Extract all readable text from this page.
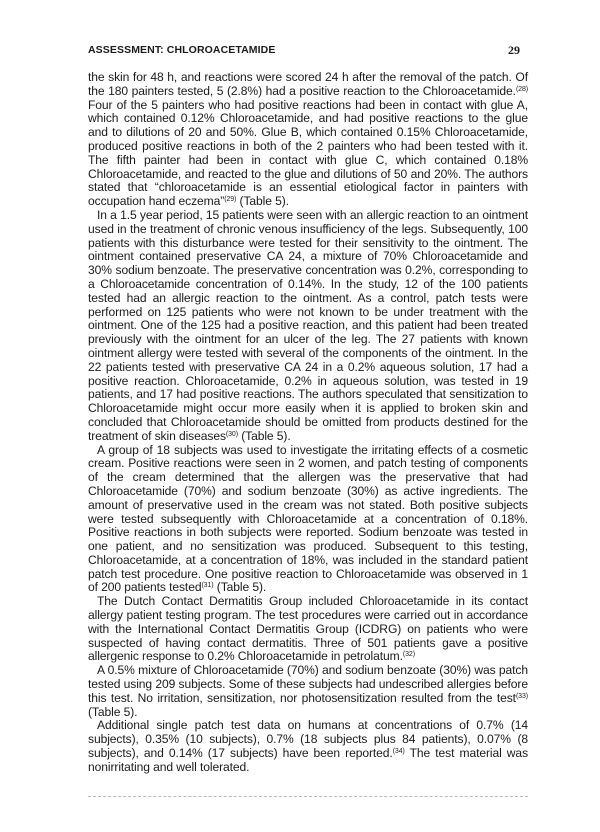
ASSESSMENT: CHLOROACETAMIDE	29

the skin for 48 h, and reactions were scored 24 h after the removal of the patch. Of the 180 painters tested, 5 (2.8%) had a positive reaction to the Chloroacetamide.$^{(28)}$ Four of the 5 painters who had positive reactions had been in contact with glue A, which contained 0.12% Chloroacetamide, and had positive reactions to the glue and to dilutions of 20 and 50%. Glue B, which contained 0.15% Chloroacetamide, produced positive reactions in both of the 2 painters who had been tested with it. The fifth painter had been in contact with glue C, which contained 0.18% Chloroacetamide, and reacted to the glue and dilutions of 50 and 20%. The authors stated that “chloroacetamide is an essential etiological factor in painters with occupation hand eczema”$^{(29)}$ (Table 5).

In a 1.5 year period, 15 patients were seen with an allergic reaction to an ointment used in the treatment of chronic venous insufficiency of the legs. Subsequently, 100 patients with this disturbance were tested for their sensitivity to the ointment. The ointment contained preservative CA 24, a mixture of 70% Chloroacetamide and 30% sodium benzoate. The preservative concentration was 0.2%, corresponding to a Chloroacetamide concentration of 0.14%. In the study, 12 of the 100 patients tested had an allergic reaction to the ointment. As a control, patch tests were performed on 125 patients who were not known to be under treatment with the ointment. One of the 125 had a positive reaction, and this patient had been treated previously with the ointment for an ulcer of the leg. The 27 patients with known ointment allergy were tested with several of the components of the ointment. In the 22 patients tested with preservative CA 24 in a 0.2% aqueous solution, 17 had a positive reaction. Chloroacetamide, 0.2% in aqueous solution, was tested in 19 patients, and 17 had positive reactions. The authors speculated that sensitization to Chloroacetamide might occur more easily when it is applied to broken skin and concluded that Chloroacetamide should be omitted from products destined for the treatment of skin diseases$^{(30)}$ (Table 5).

A group of 18 subjects was used to investigate the irritating effects of a cosmetic cream. Positive reactions were seen in 2 women, and patch testing of components of the cream determined that the allergen was the preservative that had Chloroacetamide (70%) and sodium benzoate (30%) as active ingredients. The amount of preservative used in the cream was not stated. Both positive subjects were tested subsequently with Chloroacetamide at a concentration of 0.18%. Positive reactions in both subjects were reported. Sodium benzoate was tested in one patient, and no sensitization was produced. Subsequent to this testing, Chloroacetamide, at a concentration of 18%, was included in the standard patient patch test procedure. One positive reaction to Chloroacetamide was observed in 1 of 200 patients tested$^{(31)}$ (Table 5).

The Dutch Contact Dermatitis Group included Chloroacetamide in its contact allergy patient testing program. The test procedures were carried out in accordance with the International Contact Dermatitis Group (ICDRG) on patients who were suspected of having contact dermatitis. Three of 501 patients gave a positive allergenic response to 0.2% Chloroacetamide in petrolatum.$^{(32)}$

A 0.5% mixture of Chloroacetamide (70%) and sodium benzoate (30%) was patch tested using 209 subjects. Some of these subjects had undescribed allergies before this test. No irritation, sensitization, nor photosensitization resulted from the test$^{(33)}$ (Table 5).

Additional single patch test data on humans at concentrations of 0.7% (14 subjects), 0.35% (10 subjects), 0.7% (18 subjects plus 84 patients), 0.07% (8 subjects), and 0.14% (17 subjects) have been reported.$^{(34)}$ The test material was nonirritating and well tolerated.
